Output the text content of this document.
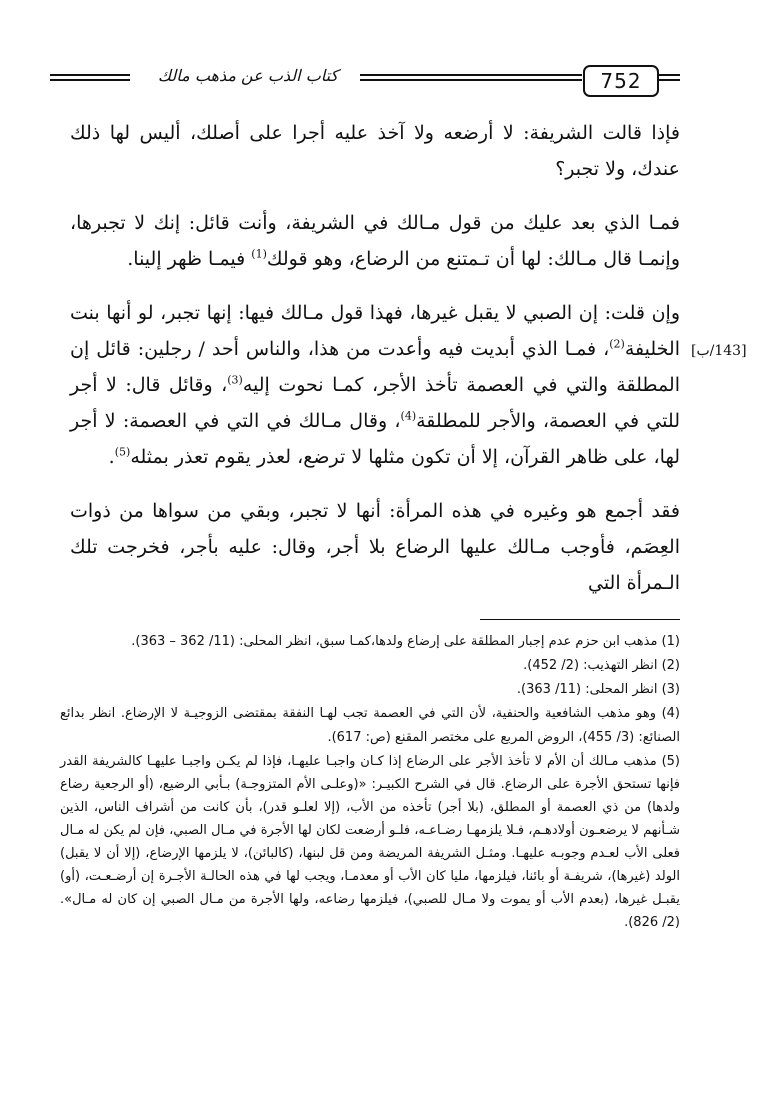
كتاب الذب عن مذهب مالك	752

فإذا قالت الشريفة: لا أرضعه ولا آخذ عليه أجرا على أصلك، أليس لها ذلك عندك، ولا تجبر؟

فمـا الذي بعد عليك من قول مـالك في الشريفة، وأنت قائل: إنك لا تجبرها، وإنمـا قال مـالك: لها أن تـمتنع من الرضاع، وهو قولك$^{(1)}$ فيمـا ظهر إلينا.

وإن قلت: إن الصبي لا يقبل غيرها، فهذا قول مـالك فيها: إنها تجبر، لو أنها بنت الخليفة$^{(2)}$، فمـا الذي أبديت فيه وأعدت من هذا، والناس أحد / رجلين: قائل إن المطلقة والتي في العصمة تأخذ الأجر، كمـا نحوت إليه$^{(3)}$، وقائل قال: لا أجر للتي في العصمة، والأجر للمطلقة$^{(4)}$، وقال مـالك في التي في العصمة: لا أجر لها، على ظاهر القرآن، إلا أن تكون مثلها لا ترضع، لعذر يقوم تعذر بمثله$^{(5)}$.

فقد أجمع هو وغيره في هذه المرأة: أنها لا تجبر، وبقي من سواها من ذوات العِصَم، فأوجب مـالك عليها الرضاع بلا أجر، وقال: عليه بأجر، فخرجت تلك الـمرأة التي

[143/ب]

(1) مذهب ابن حزم عدم إجبار المطلقة على إرضاع ولدها،كمـا سبق، انظر المحلى: (11/ 362 – 363).

(2) انظر التهذيب: (2/ 452).

(3) انظر المحلى: (11/ 363).

(4) وهو مذهب الشافعية والحنفية، لأن التي في العصمة تجب لهـا النفقة بمقتضى الزوجيـة لا الإرضاع. انظر بدائع الصنائع: (3/ 455)، الروض المربع على مختصر المقنع (ص: 617).

(5) مذهب مـالك أن الأم لا تأخذ الأجر على الرضاع إذا كـان واجبـا عليهـا، فإذا لم يكـن واجبـا عليهـا كالشريفة القدر فإنها تستحق الأجرة على الرضاع. قال في الشرح الكبيـر: «(وعلـى الأم المتزوجـة) بـأبي الرضيع، (أو الرجعية رضاع ولدها) من ذي العصمة أو المطلق، (بلا أجر) تأخذه من الأب، (إلا لعلـو قدر)، بأن كانت من أشراف الناس، الذين شـأنهم لا يرضعـون أولادهـم، فـلا يلزمهـا رضـاعـه، فلـو أرضعت لكان لها الأجرة في مـال الصبي، فإن لم يكن له مـال فعلى الأب لعـدم وجوبـه عليهـا. ومثـل الشريفة المريضة ومن قل لبنها، (كالبائن)، لا يلزمها الإرضاع، (إلا أن لا يقبل) الولد (غيرها)، شريفـة أو بائنا، فيلزمها، مليا كان الأب أو معدمـا، ويجب لها في هذه الحالـة الأجـرة إن أرضـعـت، (أو) يقبـل غيرها، (بعدم الأب أو يموت ولا مـال للصبي)، فيلزمها رضاعه، ولها الأجرة من مـال الصبي إن كان له مـال». (2/ 826).
